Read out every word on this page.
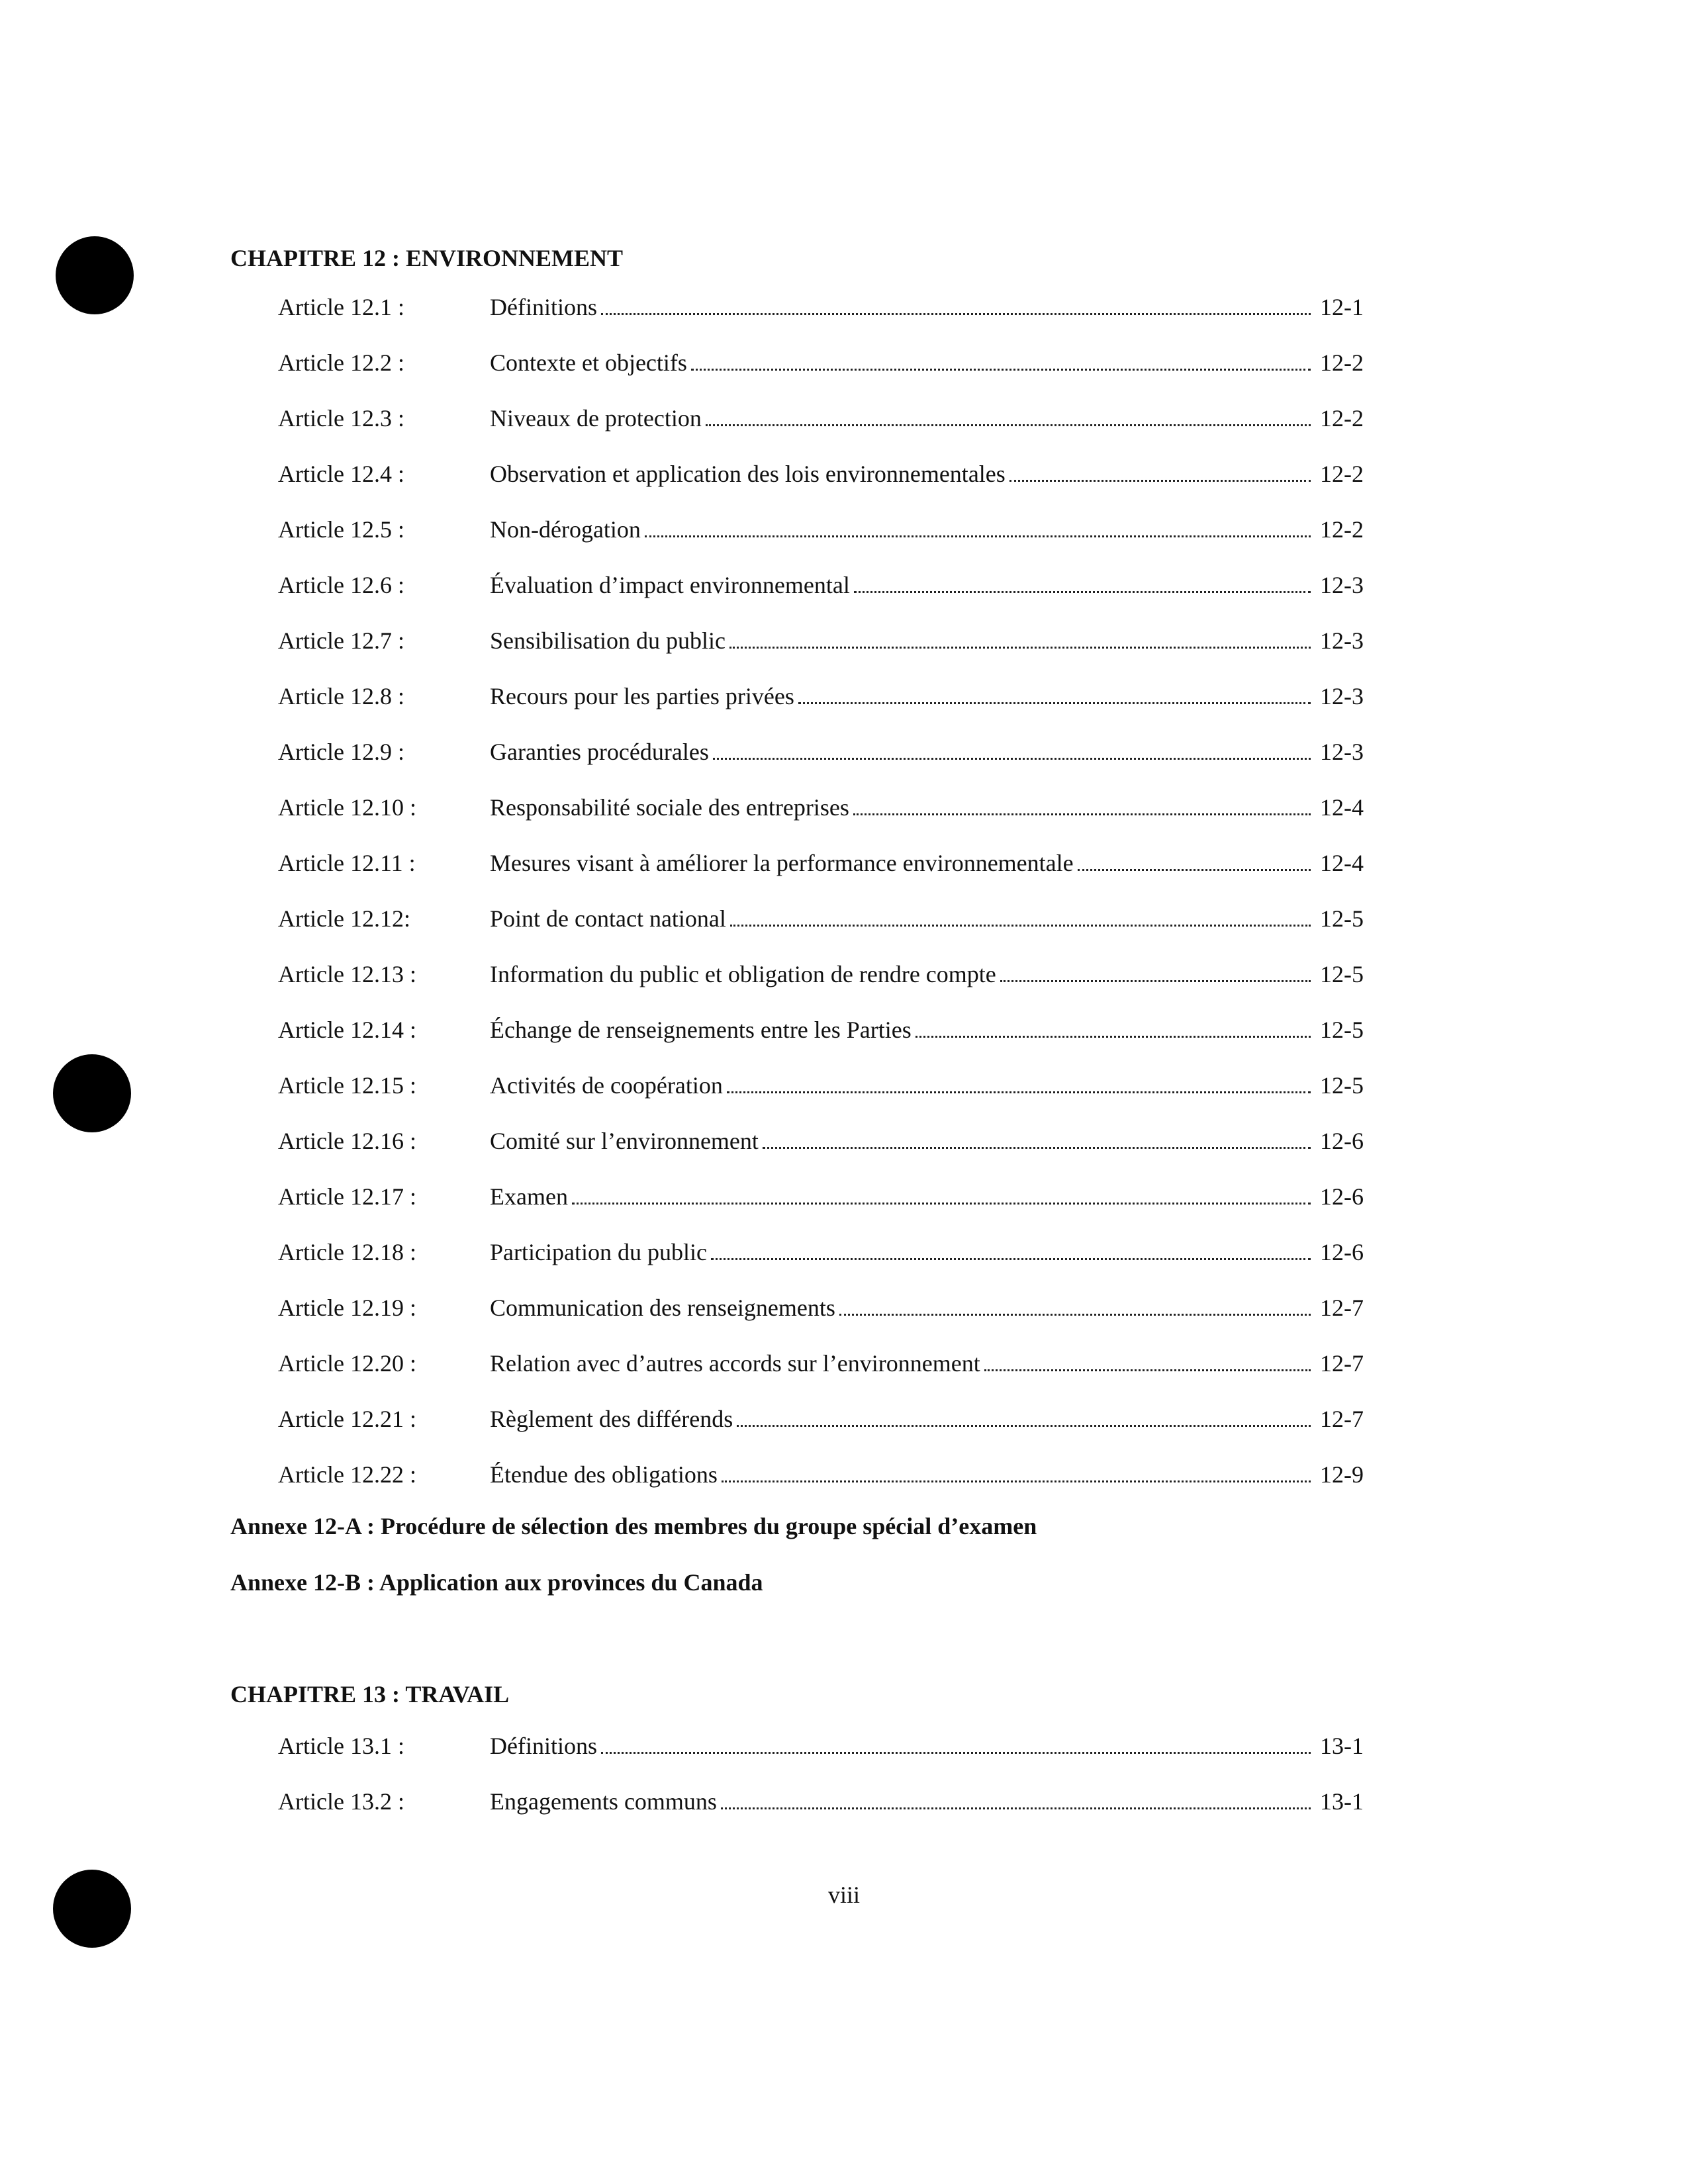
CHAPITRE 12 : ENVIRONNEMENT
Article 12.1 :	Définitions	12-1
Article 12.2 :	Contexte et objectifs	12-2
Article 12.3 :	Niveaux de protection	12-2
Article 12.4 :	Observation et application des lois environnementales	12-2
Article 12.5 :	Non-dérogation	12-2
Article 12.6 :	Évaluation d’impact environnemental	12-3
Article 12.7 :	Sensibilisation du public	12-3
Article 12.8 :	Recours pour les parties privées	12-3
Article 12.9 :	Garanties procédurales	12-3
Article 12.10 :	Responsabilité sociale des entreprises	12-4
Article 12.11 :	Mesures visant à améliorer la performance environnementale	12-4
Article 12.12:	Point de contact national	12-5
Article 12.13 :	Information du public et obligation de rendre compte	12-5
Article 12.14 :	Échange de renseignements entre les Parties	12-5
Article 12.15 :	Activités de coopération	12-5
Article 12.16 :	Comité sur l’environnement	12-6
Article 12.17 :	Examen	12-6
Article 12.18 :	Participation du public	12-6
Article 12.19 :	Communication des renseignements	12-7
Article 12.20 :	Relation avec d’autres accords sur l’environnement	12-7
Article 12.21 :	Règlement des différends	12-7
Article 12.22 :	Étendue des obligations	12-9
Annexe 12-A : Procédure de sélection des membres du groupe spécial d’examen
Annexe 12-B : Application aux provinces du Canada
CHAPITRE 13 : TRAVAIL
Article 13.1 :	Définitions	13-1
Article 13.2 :	Engagements communs	13-1
viii
